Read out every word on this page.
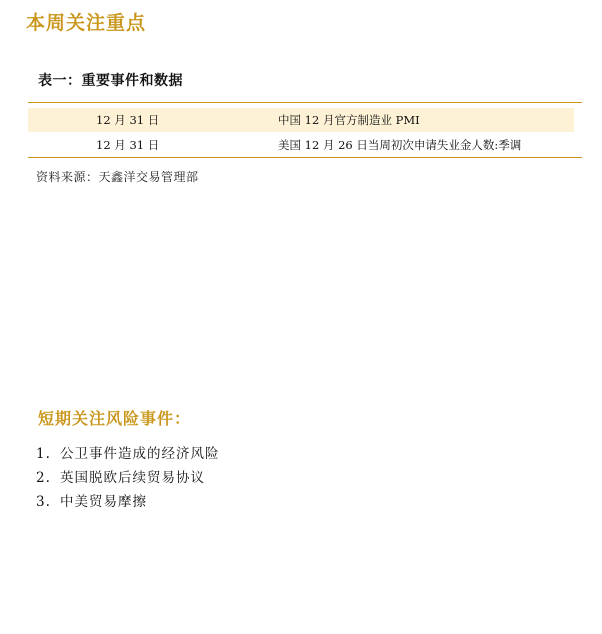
本周关注重点
表一：重要事件和数据
12 月 31 日	中国 12 月官方制造业 PMI
12 月 31 日	美国 12 月 26 日当周初次申请失业金人数:季调
资料来源：天鑫洋交易管理部
短期关注风险事件：
1. 公卫事件造成的经济风险
2. 英国脱欧后续贸易协议
3. 中美贸易摩擦
